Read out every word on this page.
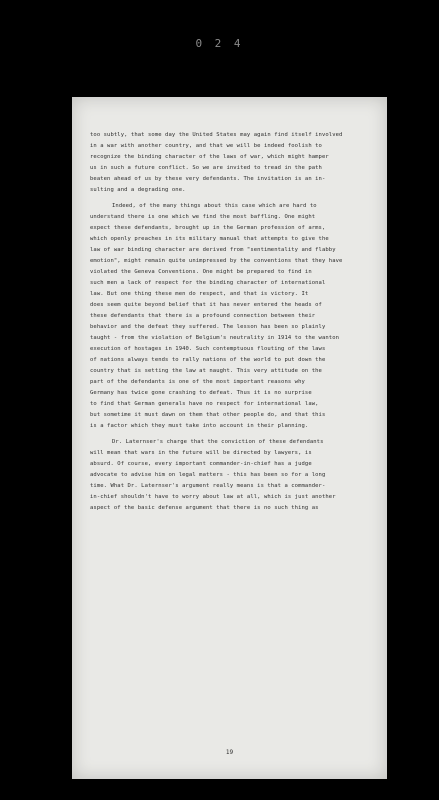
0 2 4
too subtly, that some day the United States may again find itself involved
in a war with another country, and that we will be indeed foolish to
recognize the binding character of the laws of war, which might hamper
us in such a future conflict. So we are invited to tread in the path
beaten ahead of us by these very defendants. The invitation is an in-
sulting and a degrading one.
Indeed, of the many things about this case which are hard to
understand there is one which we find the most baffling. One might
expect these defendants, brought up in the German profession of arms,
which openly preaches in its military manual that attempts to give the
law of war binding character are derived from "sentimentality and flabby
emotion", might remain quite unimpressed by the conventions that they have
violated the Geneva Conventions. One might be prepared to find in
such men a lack of respect for the binding character of international
law. But one thing these men do respect, and that is victory. It
does seem quite beyond belief that it has never entered the heads of
these defendants that there is a profound connection between their
behavior and the defeat they suffered. The lesson has been so plainly
taught - from the violation of Belgium's neutrality in 1914 to the wanton
execution of hostages in 1940. Such contemptuous flouting of the laws
of nations always tends to rally nations of the world to put down the
country that is setting the law at naught. This very attitude on the
part of the defendants is one of the most important reasons why
Germany has twice gone crashing to defeat. Thus it is no surprise
to find that German generals have no respect for international law,
but sometime it must dawn on them that other people do, and that this
is a factor which they must take into account in their planning.
Dr. Laternser's charge that the conviction of these defendants
will mean that wars in the future will be directed by lawyers, is
absurd. Of course, every important commander-in-chief has a judge
advocate to advise him on legal matters - this has been so for a long
time. What Dr. Laternser's argument really means is that a commander-
in-chief shouldn't have to worry about law at all, which is just another
aspect of the basic defense argument that there is no such thing as
19
